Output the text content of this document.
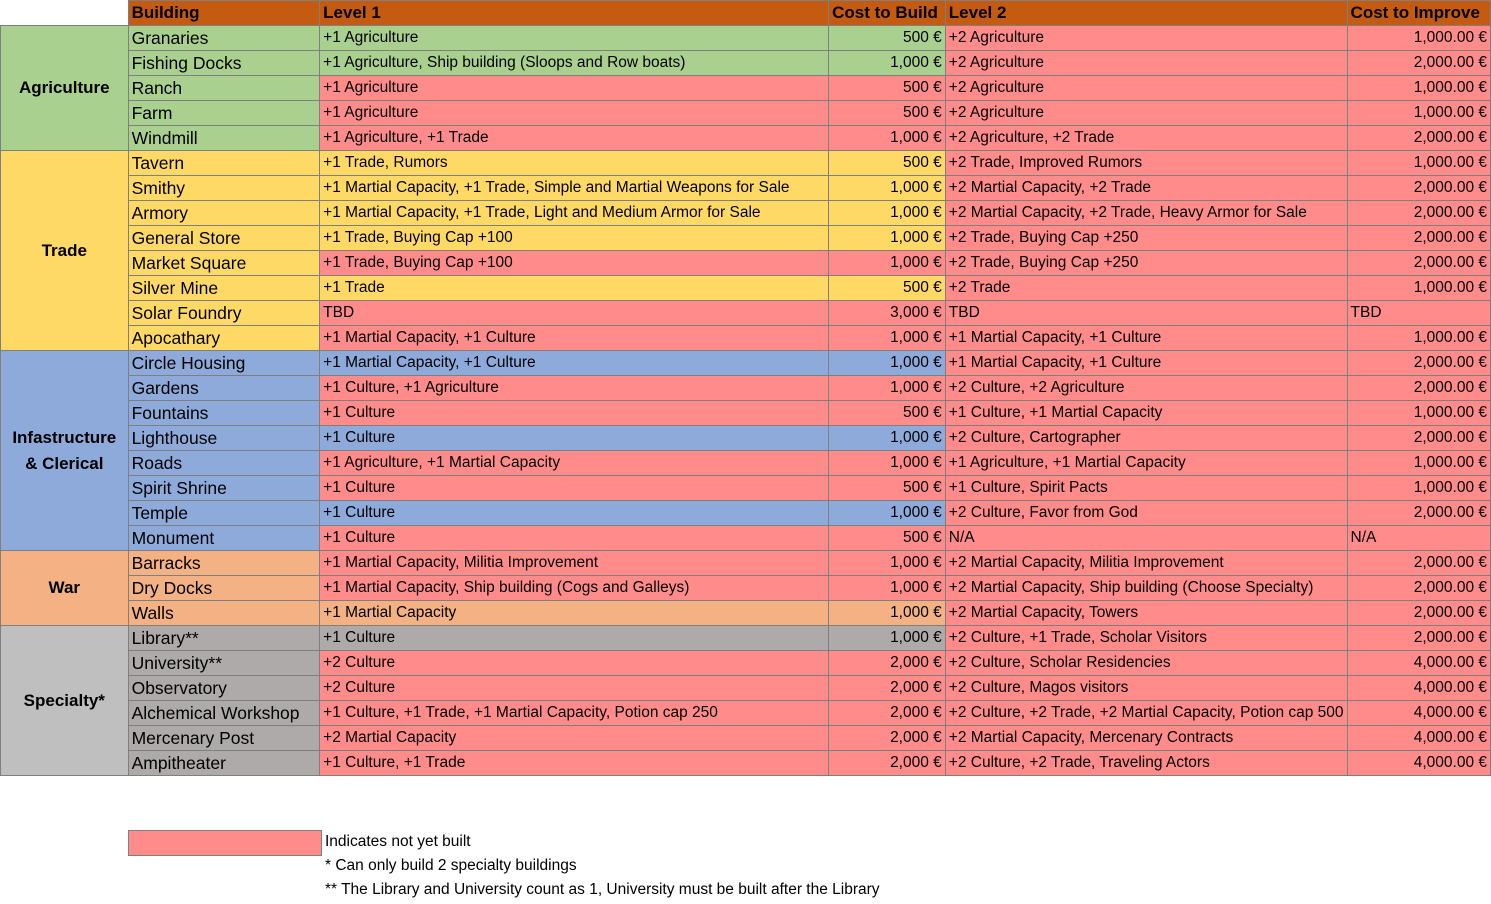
	Building	Level 1	Cost to Build	Level 2	Cost to Improve
Agriculture	Granaries	+1 Agriculture	500 €	+2 Agriculture	1,000.00 €
	Fishing Docks	+1 Agriculture, Ship building (Sloops and Row boats)	1,000 €	+2 Agriculture	2,000.00 €
	Ranch	+1 Agriculture	500 €	+2 Agriculture	1,000.00 €
	Farm	+1 Agriculture	500 €	+2 Agriculture	1,000.00 €
	Windmill	+1 Agriculture, +1 Trade	1,000 €	+2 Agriculture, +2 Trade	2,000.00 €
Trade	Tavern	+1 Trade, Rumors	500 €	+2 Trade, Improved Rumors	1,000.00 €
	Smithy	+1 Martial Capacity, +1 Trade, Simple and Martial Weapons for Sale	1,000 €	+2 Martial Capacity, +2 Trade	2,000.00 €
	Armory	+1 Martial Capacity, +1 Trade, Light and Medium Armor for Sale	1,000 €	+2 Martial Capacity, +2 Trade, Heavy Armor for Sale	2,000.00 €
	General Store	+1 Trade, Buying Cap +100	1,000 €	+2 Trade, Buying Cap +250	2,000.00 €
	Market Square	+1 Trade, Buying Cap +100	1,000 €	+2 Trade, Buying Cap +250	2,000.00 €
	Silver Mine	+1 Trade	500 €	+2 Trade	1,000.00 €
	Solar Foundry	TBD	3,000 €	TBD	TBD
	Apocathary	+1 Martial Capacity, +1 Culture	1,000 €	+1 Martial Capacity, +1 Culture	1,000.00 €
Infastructure & Clerical	Circle Housing	+1 Martial Capacity, +1 Culture	1,000 €	+1 Martial Capacity, +1 Culture	2,000.00 €
	Gardens	+1 Culture, +1 Agriculture	1,000 €	+2 Culture, +2 Agriculture	2,000.00 €
	Fountains	+1 Culture	500 €	+1 Culture, +1 Martial Capacity	1,000.00 €
	Lighthouse	+1 Culture	1,000 €	+2 Culture, Cartographer	2,000.00 €
	Roads	+1 Agriculture, +1 Martial Capacity	1,000 €	+1 Agriculture, +1 Martial Capacity	1,000.00 €
	Spirit Shrine	+1 Culture	500 €	+1 Culture, Spirit Pacts	1,000.00 €
	Temple	+1 Culture	1,000 €	+2 Culture, Favor from God	2,000.00 €
	Monument	+1 Culture	500 €	N/A	N/A
War	Barracks	+1 Martial Capacity, Militia Improvement	1,000 €	+2 Martial Capacity, Militia Improvement	2,000.00 €
	Dry Docks	+1 Martial Capacity, Ship building (Cogs and Galleys)	1,000 €	+2 Martial Capacity, Ship building (Choose Specialty)	2,000.00 €
	Walls	+1 Martial Capacity	1,000 €	+2 Martial Capacity, Towers	2,000.00 €
Specialty*	Library**	+1 Culture	1,000 €	+2 Culture, +1 Trade, Scholar Visitors	2,000.00 €
	University**	+2 Culture	2,000 €	+2 Culture, Scholar Residencies	4,000.00 €
	Observatory	+2 Culture	2,000 €	+2 Culture, Magos visitors	4,000.00 €
	Alchemical Workshop	+1 Culture, +1 Trade, +1 Martial Capacity, Potion cap 250	2,000 €	+2 Culture, +2 Trade, +2 Martial Capacity, Potion cap 500	4,000.00 €
	Mercenary Post	+2 Martial Capacity	2,000 €	+2 Martial Capacity, Mercenary Contracts	4,000.00 €
	Ampitheater	+1 Culture, +1 Trade	2,000 €	+2 Culture, +2 Trade, Traveling Actors	4,000.00 €
Indicates not yet built
* Can only build 2 specialty buildings
** The Library and University count as 1, University must be built after the Library
